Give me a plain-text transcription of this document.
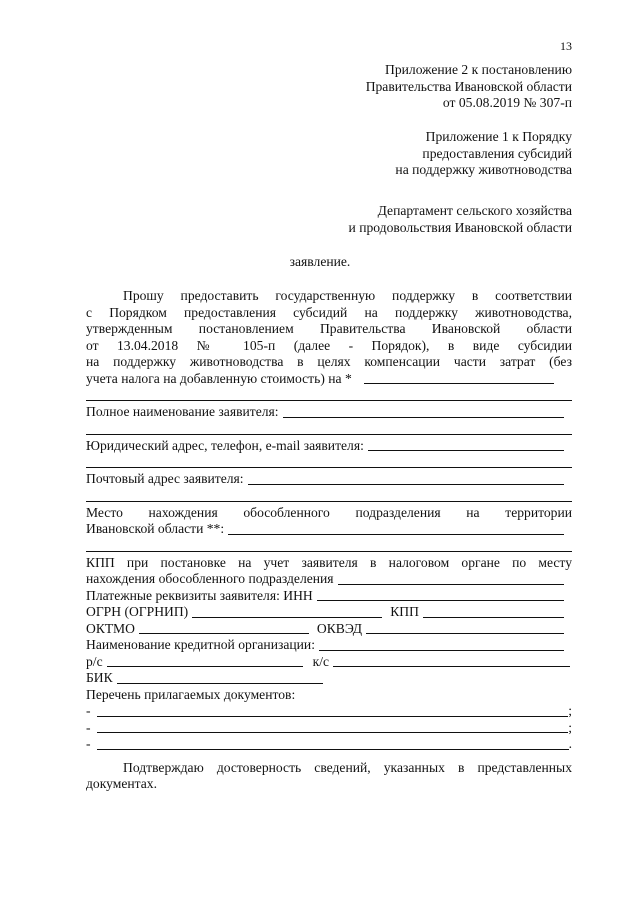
13
Приложение 2 к постановлению
Правительства Ивановской области
от 05.08.2019 № 307-п
Приложение 1 к Порядку
предоставления субсидий
на поддержку животноводства
Департамент сельского хозяйства
и продовольствия Ивановской области
заявление.
Прошу предоставить государственную поддержку в соответствии
с Порядком предоставления субсидий на поддержку животноводства,
утвержденным постановлением Правительства Ивановской области
от 13.04.2018 № 105-п (далее - Порядок), в виде субсидии
на поддержку животноводства в целях компенсации части затрат (без
учета налога на добавленную стоимость) на *
Полное наименование заявителя:
Юридический адрес, телефон, e-mail заявителя:
Почтовый адрес заявителя:
Место нахождения обособленного подразделения на территории
Ивановской области **:
КПП при постановке на учет заявителя в налоговом органе по месту
нахождения обособленного подразделения
Платежные реквизиты заявителя: ИНН
ОГРН (ОГРНИП)	КПП
ОКТМО	ОКВЭД
Наименование кредитной организации:
р/с	к/с
БИК
Перечень прилагаемых документов:
-	;
-	;
-	.
Подтверждаю достоверность сведений, указанных в представленных
документах.
